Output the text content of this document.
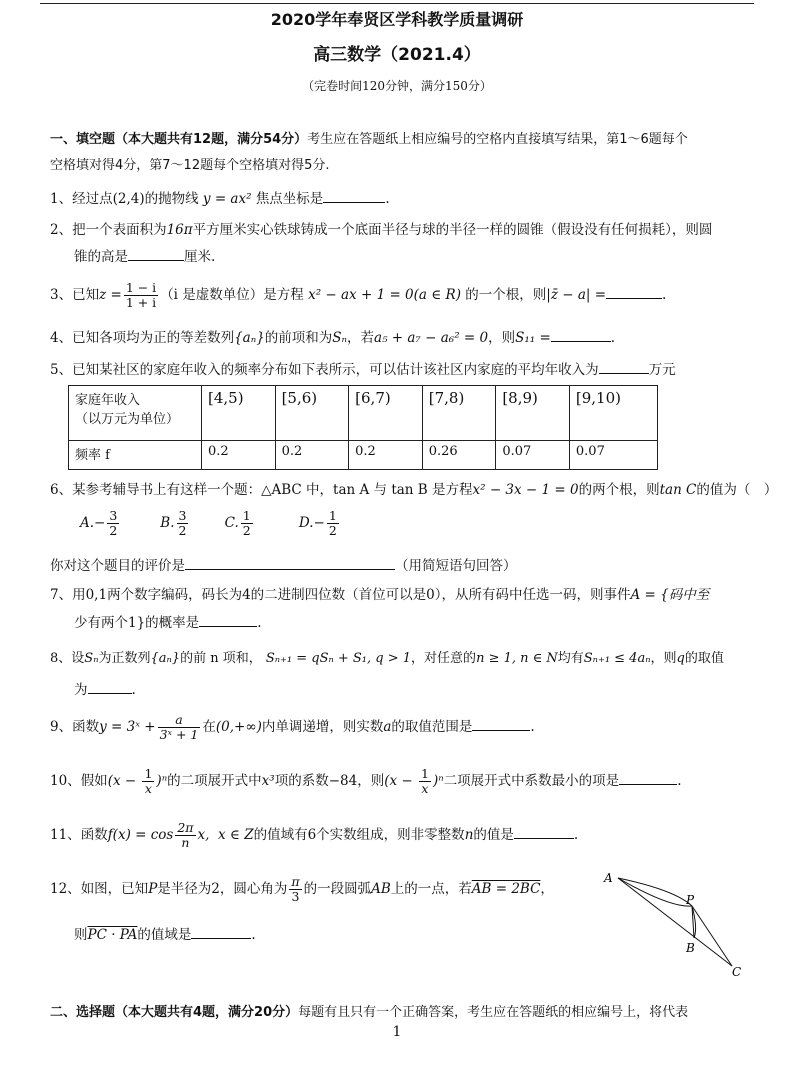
2020学年奉贤区学科教学质量调研
高三数学（2021.4）
（完卷时间120分钟，满分150分）
一、填空题（本大题共有12题，满分54分）考生应在答题纸上相应编号的空格内直接填写结果，第1～6题每个
空格填对得4分，第7～12题每个空格填对得5分.
1、经过点(2,4)的抛物线 y = ax² 焦点坐标是	.
2、把一个表面积为16π平方厘米实心铁球铸成一个底面半径与球的半径一样的圆锥（假设没有任何损耗），则圆
锥的高是	厘米.
3、已知$z = \frac{1 - i}{1 + i} (i$ 是虚数单位）是方程 x² − ax + 1 = 0(a ∈ R) 的一个根，则|z̄ − a| =	.
4、已知各项均为正的等差数列{aₙ}的前项和为Sₙ，若a₅ + a₇ − a₆² = 0，则S₁₁ =	.
5、已知某社区的家庭年收入的频率分布如下表所示，可以估计该社区内家庭的平均年收入为	万元
家庭年收入
（以万元为单位）	[4,5)	[5,6)	[6,7)	[7,8)	[8,9)	[9,10)
频率 f	0.2	0.2	0.2	0.26	0.07	0.07
6、某参考辅导书上有这样一个题：△ABC 中，tan A 与 tan B 是方程x² − 3x − 1 = 0的两个根，则tan C的值为（　）
$A.- \frac{3}{2}$	B. $\frac{3}{2}$	C. $\frac{1}{2}$	$D.- \frac{1}{2}$
你对这个题目的评价是	（用简短语句回答）
7、用0,1两个数字编码，码长为4的二进制四位数（首位可以是0），从所有码中任选一码，则事件A = {码中至
少有两个1}的概率是	.
8、设Sₙ为正数列{aₙ}的前 n 项和， Sₙ₊₁ = qSₙ + S₁, q > 1，对任意的n ≥ 1, n ∈ N均有Sₙ₊₁ ≤ 4aₙ，则q的取值
为	.
9、函数y = 3ˣ + $\frac{a}{\text{3ˣ + 1}}$ 在(0,+∞)内单调递增，则实数a的取值范围是	.
10、假如$(x - \frac{1}{x} )^n$的二项展开式中x³项的系数−84，则$(x - \frac{1}{x} )^n$二项展开式中系数最小的项是	.
11、函数$f(x) = \cos \frac{2\pi}{n} x$, x ∈ Z的值域有6个实数组成，则非零整数n的值是	.
12、如图，已知P是半径为2，圆心角为 $\frac{\pi}{3}$ 的一段圆弧AB上的一点，若AB = 2BC，
则PC · PA的值域是	.
A
P
B
C
二、选择题（本大题共有4题，满分20分）每题有且只有一个正确答案，考生应在答题纸的相应编号上，将代表
1
